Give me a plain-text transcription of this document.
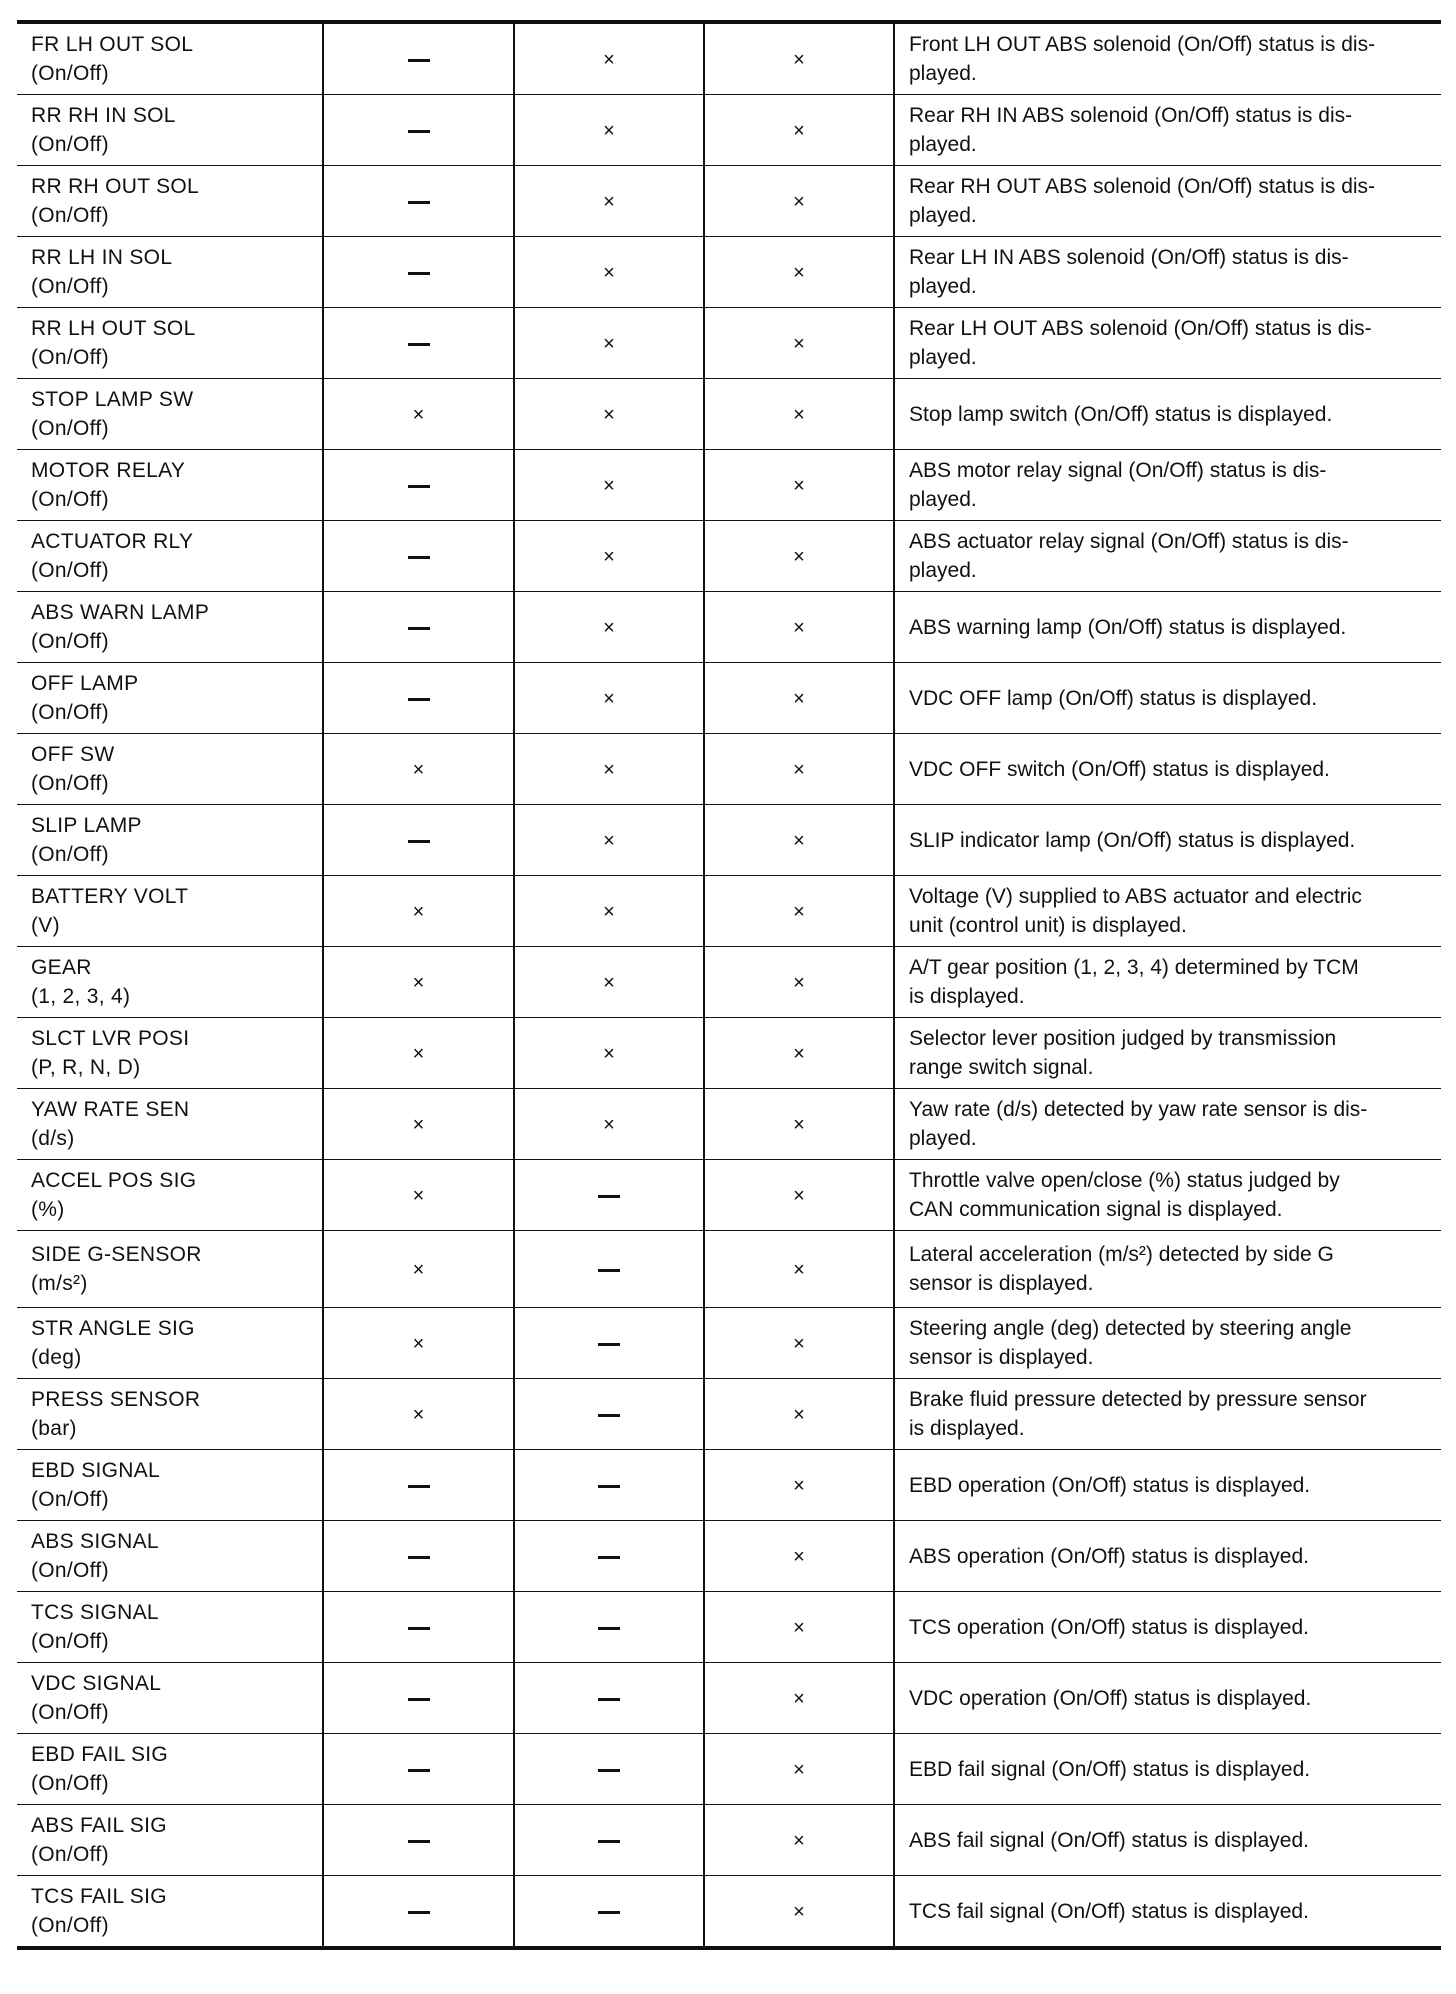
FR LH OUT SOL
(On/Off)		×	×	Front LH OUT ABS solenoid (On/Off) status is dis-
played.

RR RH IN SOL
(On/Off)		×	×	Rear RH IN ABS solenoid (On/Off) status is dis-
played.

RR RH OUT SOL
(On/Off)		×	×	Rear RH OUT ABS solenoid (On/Off) status is dis-
played.

RR LH IN SOL
(On/Off)		×	×	Rear LH IN ABS solenoid (On/Off) status is dis-
played.

RR LH OUT SOL
(On/Off)		×	×	Rear LH OUT ABS solenoid (On/Off) status is dis-
played.

STOP LAMP SW
(On/Off)	×	×	×	Stop lamp switch (On/Off) status is displayed.

MOTOR RELAY
(On/Off)		×	×	ABS motor relay signal (On/Off) status is dis-
played.

ACTUATOR RLY
(On/Off)		×	×	ABS actuator relay signal (On/Off) status is dis-
played.

ABS WARN LAMP
(On/Off)		×	×	ABS warning lamp (On/Off) status is displayed.

OFF LAMP
(On/Off)		×	×	VDC OFF lamp (On/Off) status is displayed.

OFF SW
(On/Off)	×	×	×	VDC OFF switch (On/Off) status is displayed.

SLIP LAMP
(On/Off)		×	×	SLIP indicator lamp (On/Off) status is displayed.

BATTERY VOLT
(V)	×	×	×	Voltage (V) supplied to ABS actuator and electric
unit (control unit) is displayed.

GEAR
(1, 2, 3, 4)	×	×	×	A/T gear position (1, 2, 3, 4) determined by TCM
is displayed.

SLCT LVR POSI
(P, R, N, D)	×	×	×	Selector lever position judged by transmission
range switch signal.

YAW RATE SEN
(d/s)	×	×	×	Yaw rate (d/s) detected by yaw rate sensor is dis-
played.

ACCEL POS SIG
(%)	×		×	Throttle valve open/close (%) status judged by
CAN communication signal is displayed.

SIDE G-SENSOR
(m/s²)	×		×	Lateral acceleration (m/s²) detected by side G
sensor is displayed.

STR ANGLE SIG
(deg)	×		×	Steering angle (deg) detected by steering angle
sensor is displayed.

PRESS SENSOR
(bar)	×		×	Brake fluid pressure detected by pressure sensor
is displayed.

EBD SIGNAL
(On/Off)			×	EBD operation (On/Off) status is displayed.

ABS SIGNAL
(On/Off)			×	ABS operation (On/Off) status is displayed.

TCS SIGNAL
(On/Off)			×	TCS operation (On/Off) status is displayed.

VDC SIGNAL
(On/Off)			×	VDC operation (On/Off) status is displayed.

EBD FAIL SIG
(On/Off)			×	EBD fail signal (On/Off) status is displayed.

ABS FAIL SIG
(On/Off)			×	ABS fail signal (On/Off) status is displayed.

TCS FAIL SIG
(On/Off)			×	TCS fail signal (On/Off) status is displayed.
